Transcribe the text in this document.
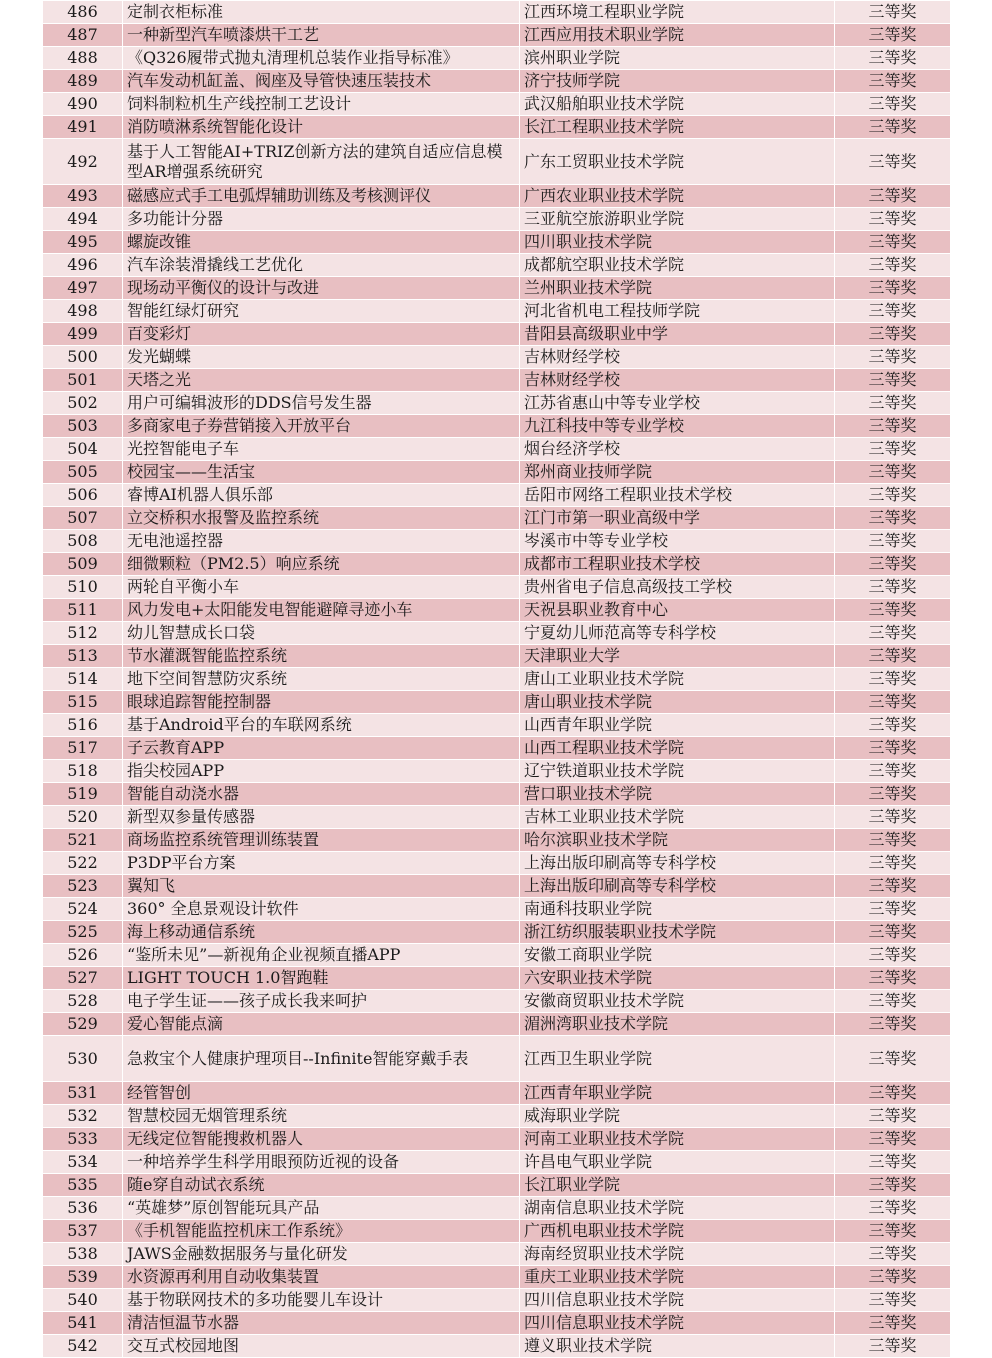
486	定制衣柜标准	江西环境工程职业学院	三等奖
487	一种新型汽车喷漆烘干工艺	江西应用技术职业学院	三等奖
488	《Q326履带式抛丸清理机总装作业指导标准》	滨州职业学院	三等奖
489	汽车发动机缸盖、阀座及导管快速压装技术	济宁技师学院	三等奖
490	饲料制粒机生产线控制工艺设计	武汉船舶职业技术学院	三等奖
491	消防喷淋系统智能化设计	长江工程职业技术学院	三等奖
492	基于人工智能AI+TRIZ创新方法的建筑自适应信息模型AR增强系统研究	广东工贸职业技术学院	三等奖
493	磁感应式手工电弧焊辅助训练及考核测评仪	广西农业职业技术学院	三等奖
494	多功能计分器	三亚航空旅游职业学院	三等奖
495	螺旋改锥	四川职业技术学院	三等奖
496	汽车涂装滑撬线工艺优化	成都航空职业技术学院	三等奖
497	现场动平衡仪的设计与改进	兰州职业技术学院	三等奖
498	智能红绿灯研究	河北省机电工程技师学院	三等奖
499	百变彩灯	昔阳县高级职业中学	三等奖
500	发光蝴蝶	吉林财经学校	三等奖
501	天塔之光	吉林财经学校	三等奖
502	用户可编辑波形的DDS信号发生器	江苏省惠山中等专业学校	三等奖
503	多商家电子券营销接入开放平台	九江科技中等专业学校	三等奖
504	光控智能电子车	烟台经济学校	三等奖
505	校园宝——生活宝	郑州商业技师学院	三等奖
506	睿博AI机器人俱乐部	岳阳市网络工程职业技术学校	三等奖
507	立交桥积水报警及监控系统	江门市第一职业高级中学	三等奖
508	无电池遥控器	岑溪市中等专业学校	三等奖
509	细微颗粒（PM2.5）响应系统	成都市工程职业技术学校	三等奖
510	两轮自平衡小车	贵州省电子信息高级技工学校	三等奖
511	风力发电+太阳能发电智能避障寻迹小车	天祝县职业教育中心	三等奖
512	幼儿智慧成长口袋	宁夏幼儿师范高等专科学校	三等奖
513	节水灌溉智能监控系统	天津职业大学	三等奖
514	地下空间智慧防灾系统	唐山工业职业技术学院	三等奖
515	眼球追踪智能控制器	唐山职业技术学院	三等奖
516	基于Android平台的车联网系统	山西青年职业学院	三等奖
517	子云教育APP	山西工程职业技术学院	三等奖
518	指尖校园APP	辽宁铁道职业技术学院	三等奖
519	智能自动浇水器	营口职业技术学院	三等奖
520	新型双参量传感器	吉林工业职业技术学院	三等奖
521	商场监控系统管理训练装置	哈尔滨职业技术学院	三等奖
522	P3DP平台方案	上海出版印刷高等专科学校	三等奖
523	翼知飞	上海出版印刷高等专科学校	三等奖
524	360° 全息景观设计软件	南通科技职业学院	三等奖
525	海上移动通信系统	浙江纺织服装职业技术学院	三等奖
526	“鉴所未见”—新视角企业视频直播APP	安徽工商职业学院	三等奖
527	LIGHT TOUCH 1.0智跑鞋	六安职业技术学院	三等奖
528	电子学生证——孩子成长我来呵护	安徽商贸职业技术学院	三等奖
529	爱心智能点滴	湄洲湾职业技术学院	三等奖
530	急救宝个人健康护理项目--Infinite智能穿戴手表	江西卫生职业学院	三等奖
531	经管智创	江西青年职业学院	三等奖
532	智慧校园无烟管理系统	威海职业学院	三等奖
533	无线定位智能搜救机器人	河南工业职业技术学院	三等奖
534	一种培养学生科学用眼预防近视的设备	许昌电气职业学院	三等奖
535	随e穿自动试衣系统	长江职业学院	三等奖
536	“英雄梦”原创智能玩具产品	湖南信息职业技术学院	三等奖
537	《手机智能监控机床工作系统》	广西机电职业技术学院	三等奖
538	JAWS金融数据服务与量化研发	海南经贸职业技术学院	三等奖
539	水资源再利用自动收集装置	重庆工业职业技术学院	三等奖
540	基于物联网技术的多功能婴儿车设计	四川信息职业技术学院	三等奖
541	清洁恒温节水器	四川信息职业技术学院	三等奖
542	交互式校园地图	遵义职业技术学院	三等奖
